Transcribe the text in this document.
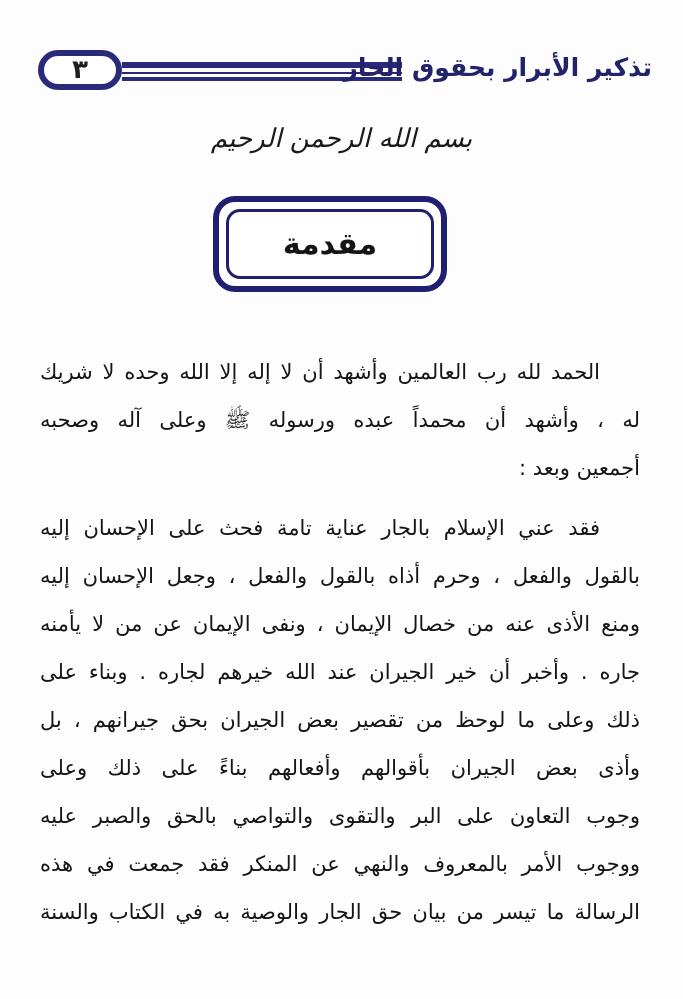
٣	تذكير الأبرار بحقوق الجار
بسم الله الرحمن الرحيم
مقدمة
الحمد لله رب العالمين وأشهد أن لا إله إلا الله وحده لا شريك
له ، وأشهد أن محمداً عبده ورسوله ﷺ وعلى آله وصحبه
أجمعين وبعد :
فقد عني الإسلام بالجار عناية تامة فحث على الإحسان إليه
بالقول والفعل ، وحرم أذاه بالقول والفعل ، وجعل الإحسان إليه
ومنع الأذى عنه من خصال الإيمان ، ونفى الإيمان عن من لا يأمنه
جاره . وأخبر أن خير الجيران عند الله خيرهم لجاره . وبناء على
ذلك وعلى ما لوحظ من تقصير بعض الجيران بحق جيرانهم ، بل
وأذى بعض الجيران بأقوالهم وأفعالهم بناءً على ذلك وعلى
وجوب التعاون على البر والتقوى والتواصي بالحق والصبر عليه
ووجوب الأمر بالمعروف والنهي عن المنكر فقد جمعت في هذه
الرسالة ما تيسر من بيان حق الجار والوصية به في الكتاب والسنة
